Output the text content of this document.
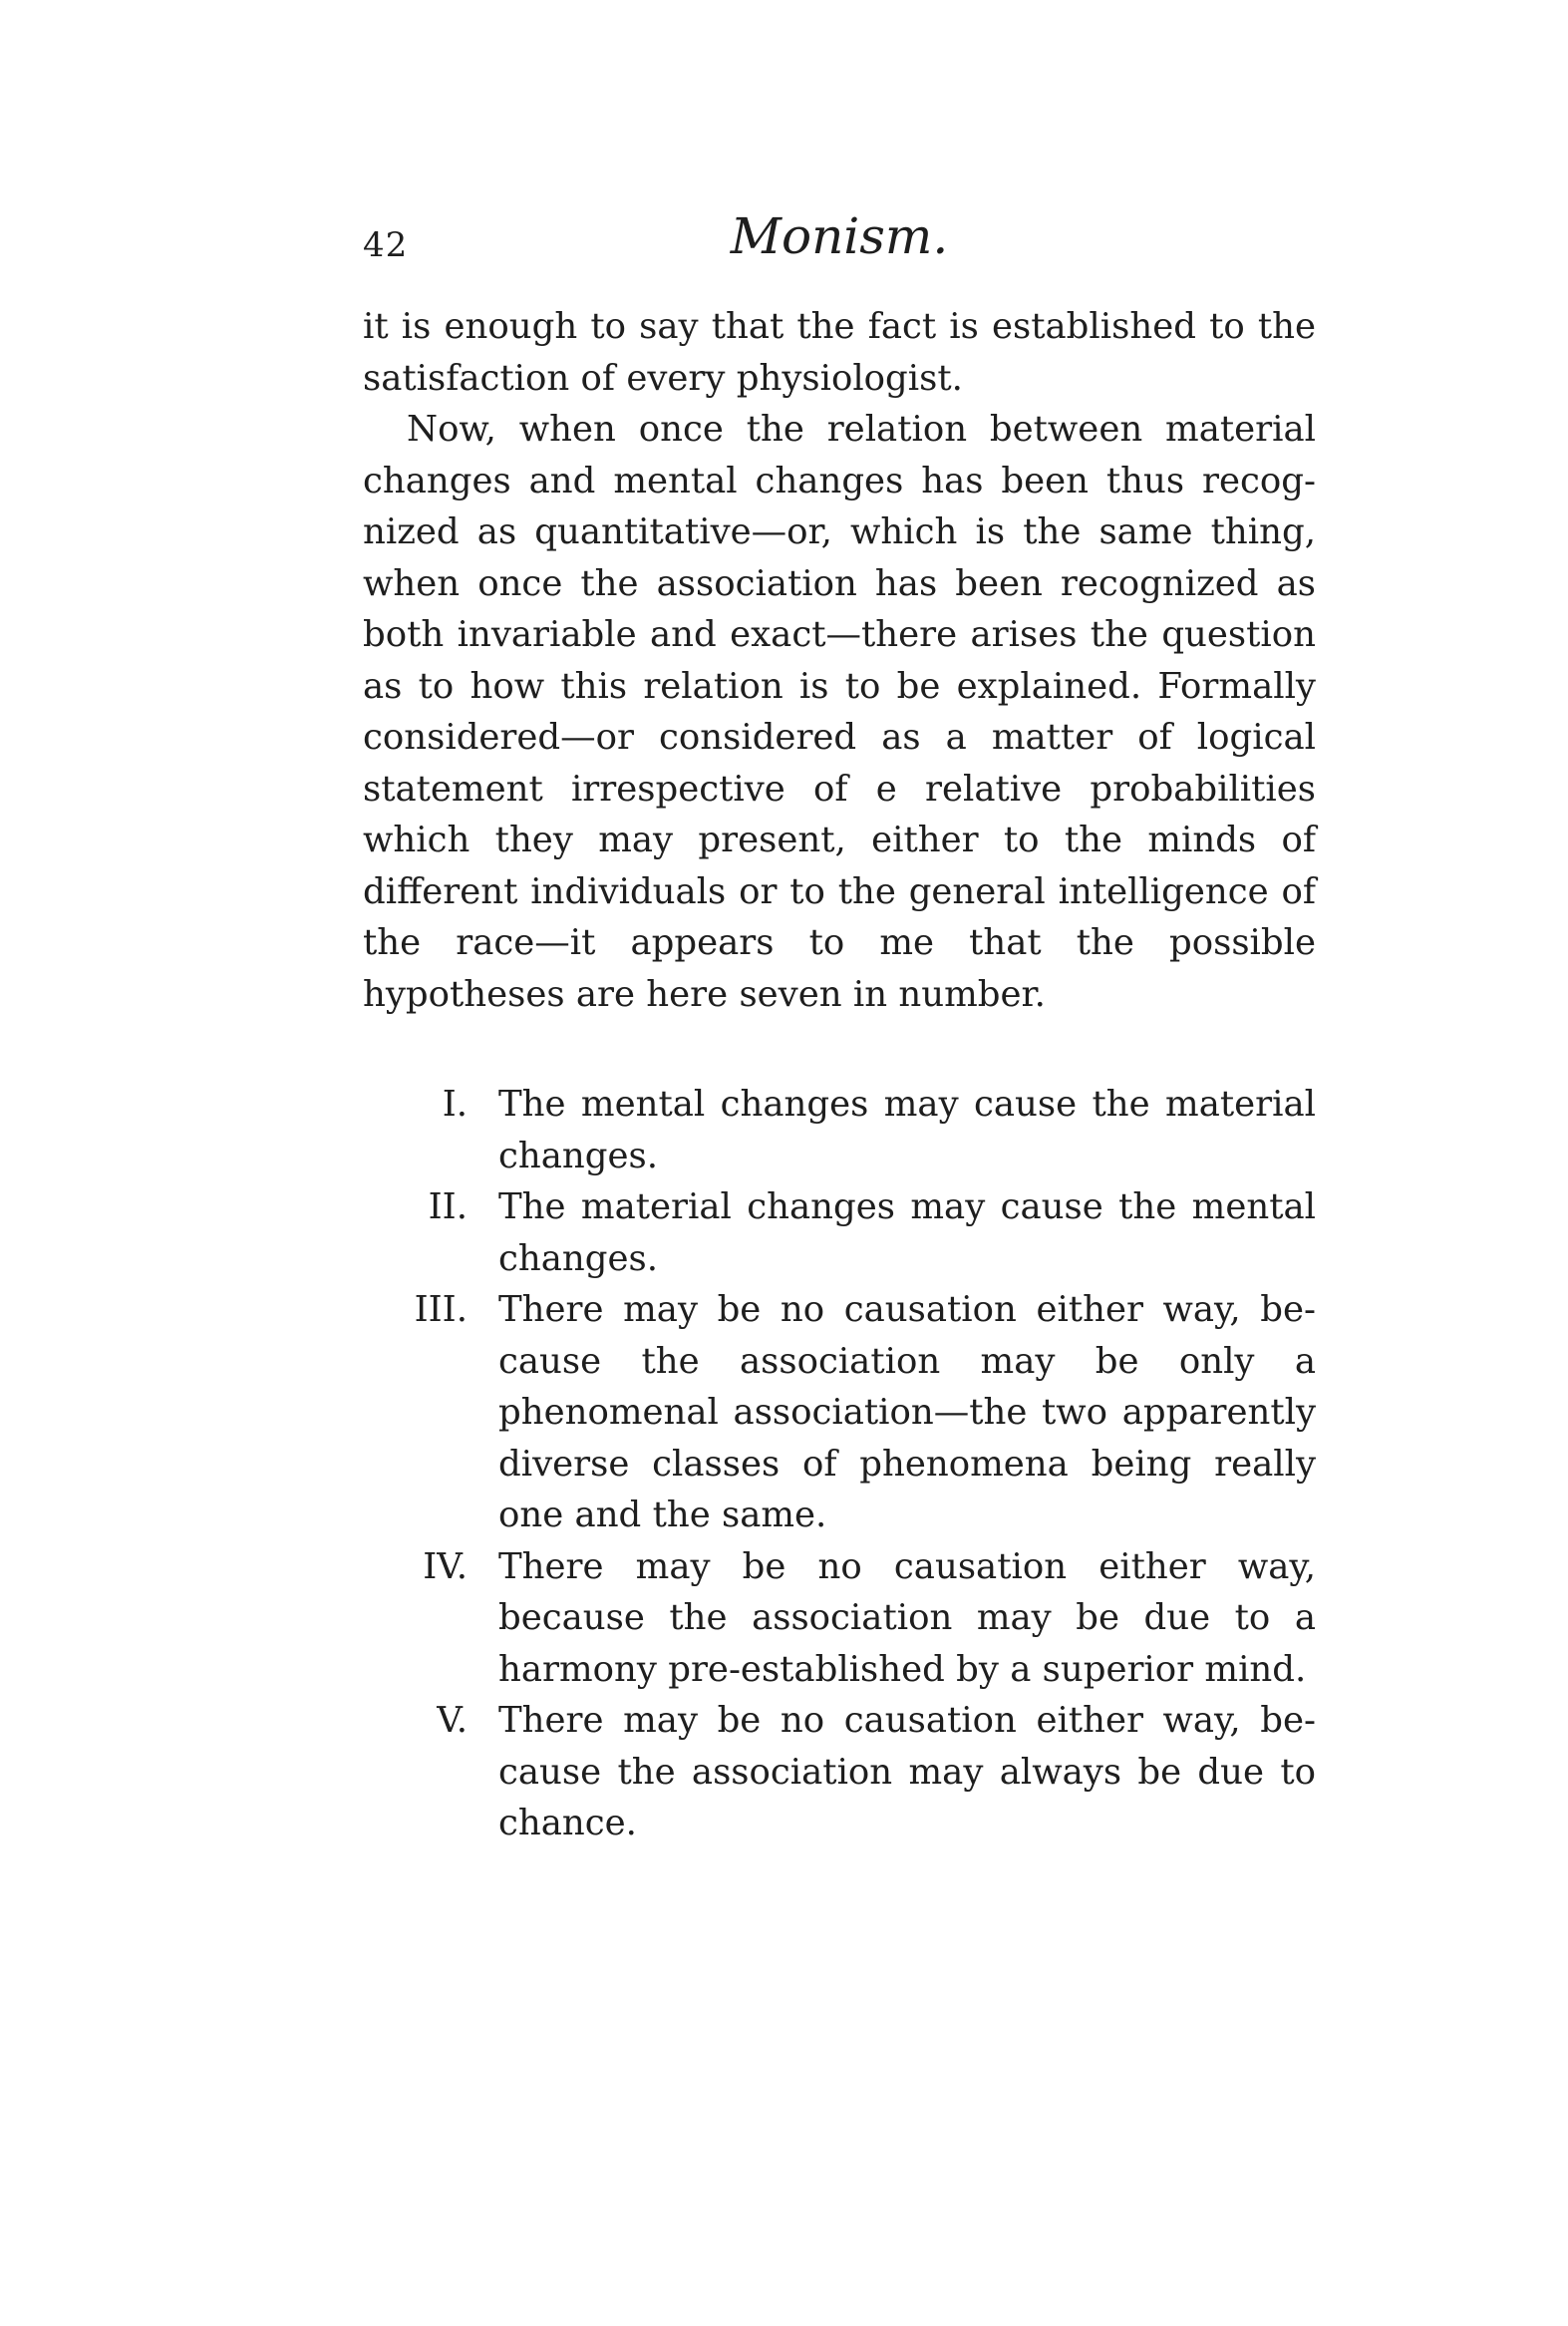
42	Monism.

it is enough to say that the fact is established to the satisfaction of every physiologist.

Now, when once the relation between material changes and mental changes has been thus recognized as quantitative—or, which is the same thing, when once the association has been recognized as both invariable and exact—there arises the question as to how this relation is to be explained. Formally considered—or considered as a matter of logical statement irrespective of e relative probabilities which they may present, either to the minds of different individuals or to the general intelligence of the race—it appears to me that the possible hypotheses are here seven in number.

I. The mental changes may cause the material changes.
II. The material changes may cause the mental changes.
III. There may be no causation either way, because the association may be only a phenomenal association—the two apparently diverse classes of phenomena being really one and the same.
IV. There may be no causation either way, because the association may be due to a harmony pre-established by a superior mind.
V. There may be no causation either way, because the association may always be due to chance.
